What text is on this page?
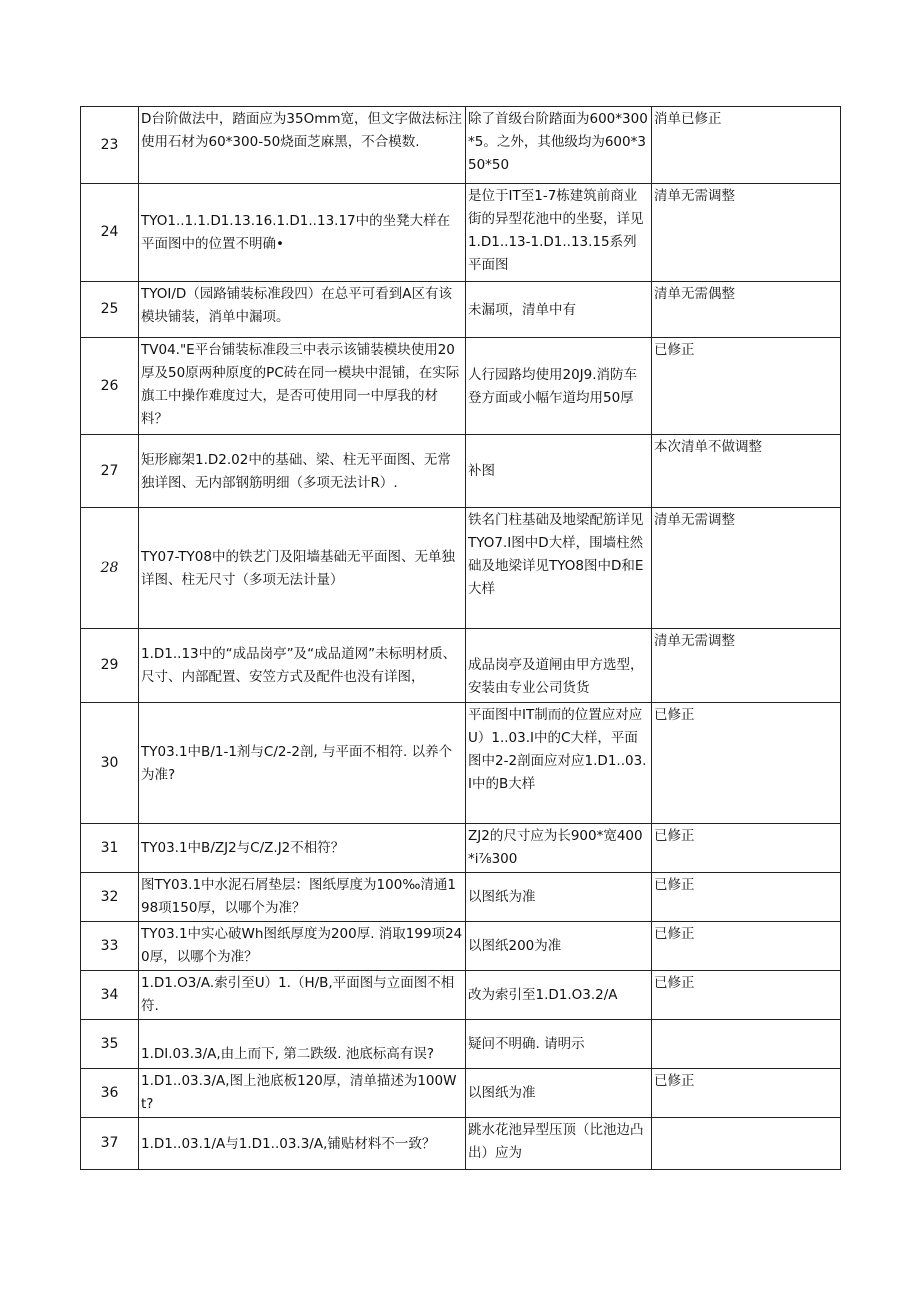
23	D台阶做法中，踏面应为35Omm宽，但文字做法标注使用石材为60*300-50烧面芝麻黑，不合模数.	除了首级台阶踏面为600*300*5。之外，其他级均为600*350*50	消单已修正
24	TYO1..1.1.D1.13.16.1.D1..13.17中的坐凳大样在平面图中的位置不明确•	是位于IT至1-7栋建筑前商业街的异型花池中的坐娶，详见1.D1..13-1.D1..13.15系列平面图	清单无需调整
25	TYOI/D（园路铺装标准段四）在总平可看到A区有该模块铺装，消单中漏项。	未漏项，清单中有	清单无需偶整
26	TV04."E平台铺装标准段三中表示该铺装模块使用20厚及50原两种原度的PC砖在同一模块中混铺，在实际旗工中操作难度过大，是否可使用同一中厚我的材料？	人行园路均使用20J9.消防车登方面或小幅乍道均用50厚	已修正
27	矩形廊架1.D2.02中的基础、梁、柱无平面图、无常独详图、无内部钢筋明细（多项无法计R）.	补图	本次清单不做调整
28	TY07-TY08中的铁艺门及阳墙基础无平面图、无单独详图、柱无尺寸（多项无法计量）	铁名门柱基础及地梁配筋详见TYO7.I图中D大样，围墙柱然础及地梁详见TYO8图中D和E大样	清单无需调整
29	1.D1..13中的“成品岗亭”及“成品道网”未标明材质、尺寸、内部配置、安笠方式及配件也没有详图，	成品岗亭及道闸由甲方选型，安装由专业公司货货	清单无需调整
30	TY03.1中B/1-1剂与C/2-2剖, 与平面不相符. 以养个为准?	平面图中IT制而的位置应对应U）1..03.I中的C大样，平面图中2-2剖面应对应1.D1..03.I中的B大样	已修正
31	TY03.1中B/ZJ2与C/Z.J2不相符？	ZJ2的尺寸应为长900*宽400*i⅞300	已修正
32	图TY03.1中水泥石屑垫层：图纸厚度为100‰清通198项150厚，以哪个为准？	以图纸为准	已修正
33	TY03.1中实心破Wh图纸厚度为200厚. 消取199项240厚，以哪个为准？	以图纸200为准	已修正
34	1.D1.O3/A.索引至U）1.（H/B,平面图与立面图不相符.	改为索引至1.D1.O3.2/A	已修正
35	1.DI.03.3/A,由上而下, 第二跌级. 池底标高有误?	疑问不明确. 请明示	
36	1.D1..03.3/A,图上池底板120厚，清单描述为100Wt?	以图纸为准	已修正
37	1.D1..03.1/A与1.D1..03.3/A,铺贴材料不一致？	跳水花池异型压顶（比池边凸出）应为	
